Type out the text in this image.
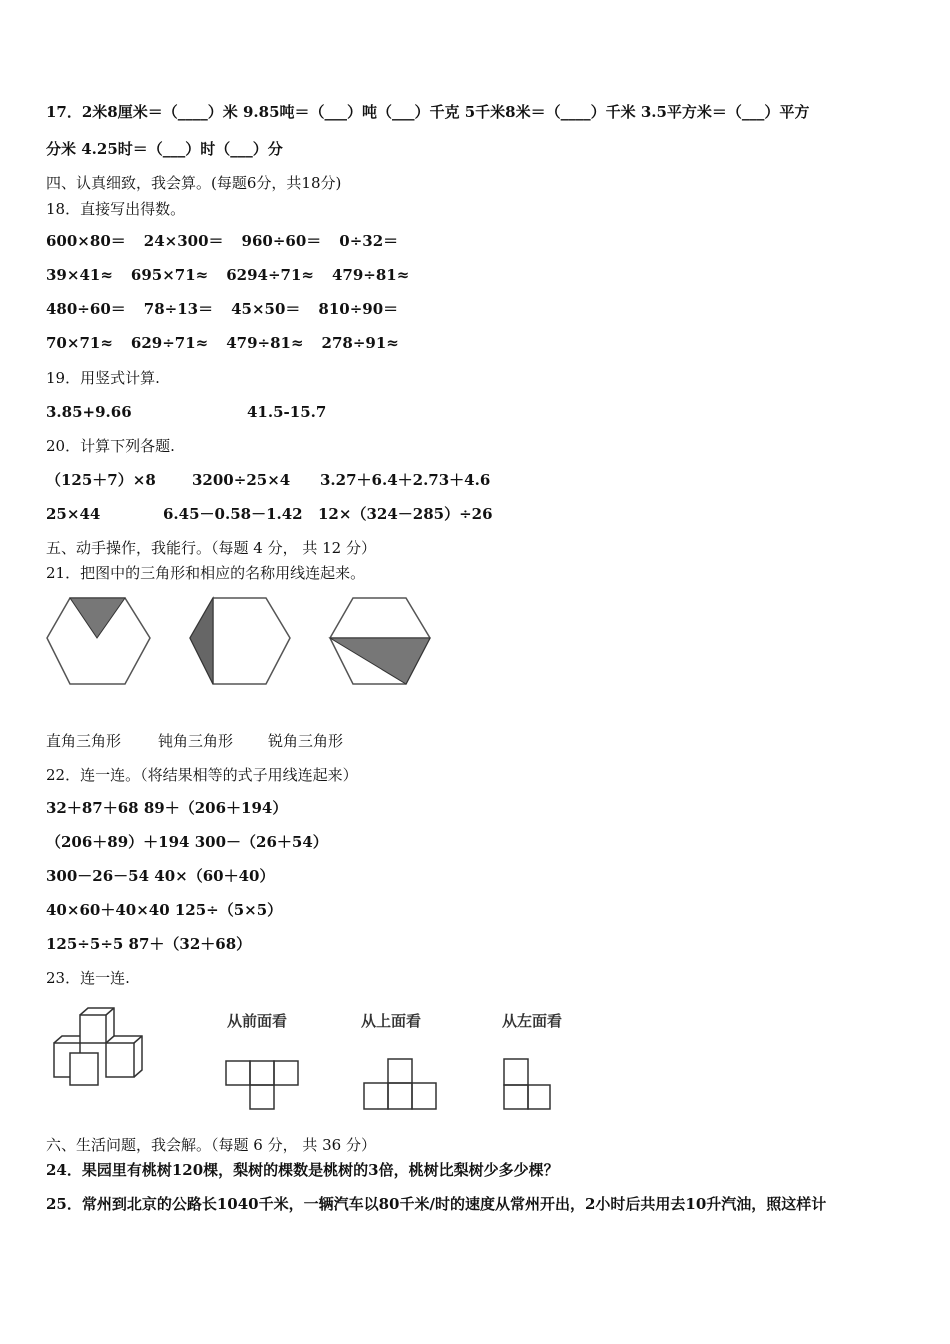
17．2米8厘米＝（____）米 9.85吨＝（___）吨（___）千克 5千米8米＝（____）千米 3.5平方米＝（___）平方
分米 4.25时＝（___）时（___）分
四、认真细致，我会算。(每题6分，共18分)
18．直接写出得数。
600×80＝ 24×300＝ 960÷60＝ 0÷32＝
39×41≈ 695×71≈ 6294÷71≈ 479÷81≈
480÷60＝ 78÷13＝ 45×50＝ 810÷90＝
70×71≈ 629÷71≈ 479÷81≈ 278÷91≈
19．用竖式计算.
3.85+9.66	41.5-15.7
20．计算下列各题.
（125＋7）×8 3200÷25×4 3.27＋6.4＋2.73＋4.6
25×44	6.45－0.58－1.42 12×（324－285）÷26
五、动手操作，我能行。（每题 4 分， 共 12 分）
21．把图中的三角形和相应的名称用线连起来。
直角三角形 钝角三角形 锐角三角形
22．连一连。（将结果相等的式子用线连起来）
32＋87＋68 89＋（206＋194）
（206＋89）＋194 300－（26＋54）
300－26－54 40×（60＋40）
40×60＋40×40 125÷（5×5）
125÷5÷5 87＋（32＋68）
23．连一连.
从前面看	从上面看	从左面看
六、生活问题，我会解。（每题 6 分， 共 36 分）
24．果园里有桃树120棵，梨树的棵数是桃树的3倍，桃树比梨树少多少棵？
25．常州到北京的公路长1040千米，一辆汽车以80千米/时的速度从常州开出，2小时后共用去10升汽油，照这样计
